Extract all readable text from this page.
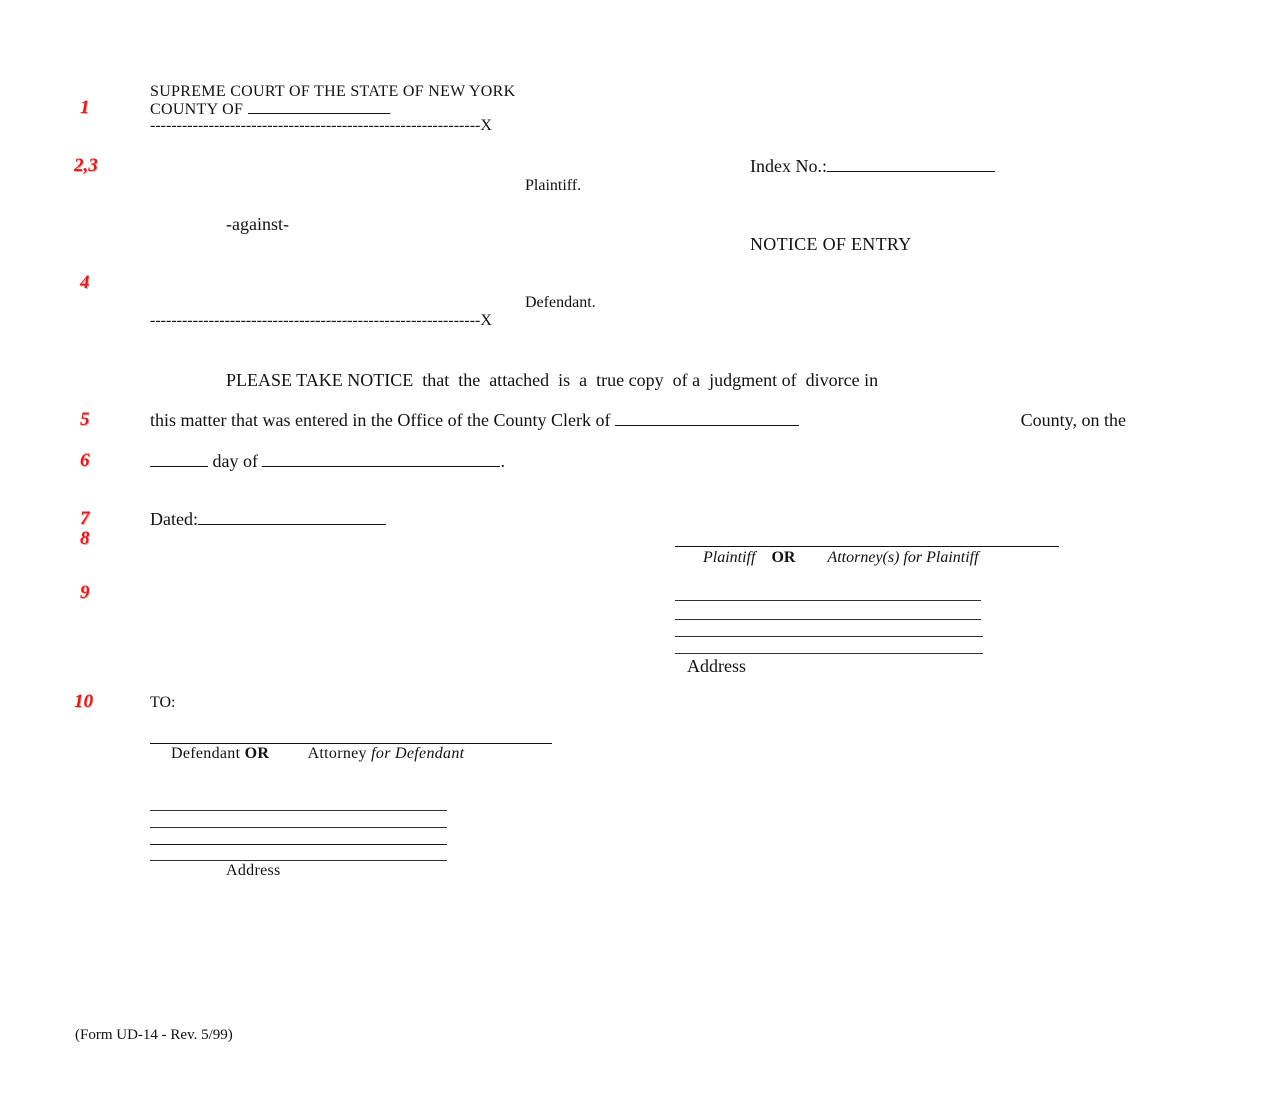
1
2,3
4
5
6
7
8
9
10
SUPREME COURT OF THE STATE OF NEW YORK
COUNTY OF
--------------------------------------------------------------X
Index No.:
Plaintiff.
-against-
NOTICE OF ENTRY
Defendant.
--------------------------------------------------------------X
PLEASE TAKE NOTICE  that  the  attached  is  a  true copy  of a  judgment of  divorce in
this matter that was entered in the Office of the County Clerk of	County, on the
day of	.
Dated:
Plaintiff OR Attorney(s) for Plaintiff
Address
TO:
Defendant OR Attorney for Defendant
Address
(Form UD-14 - Rev. 5/99)
